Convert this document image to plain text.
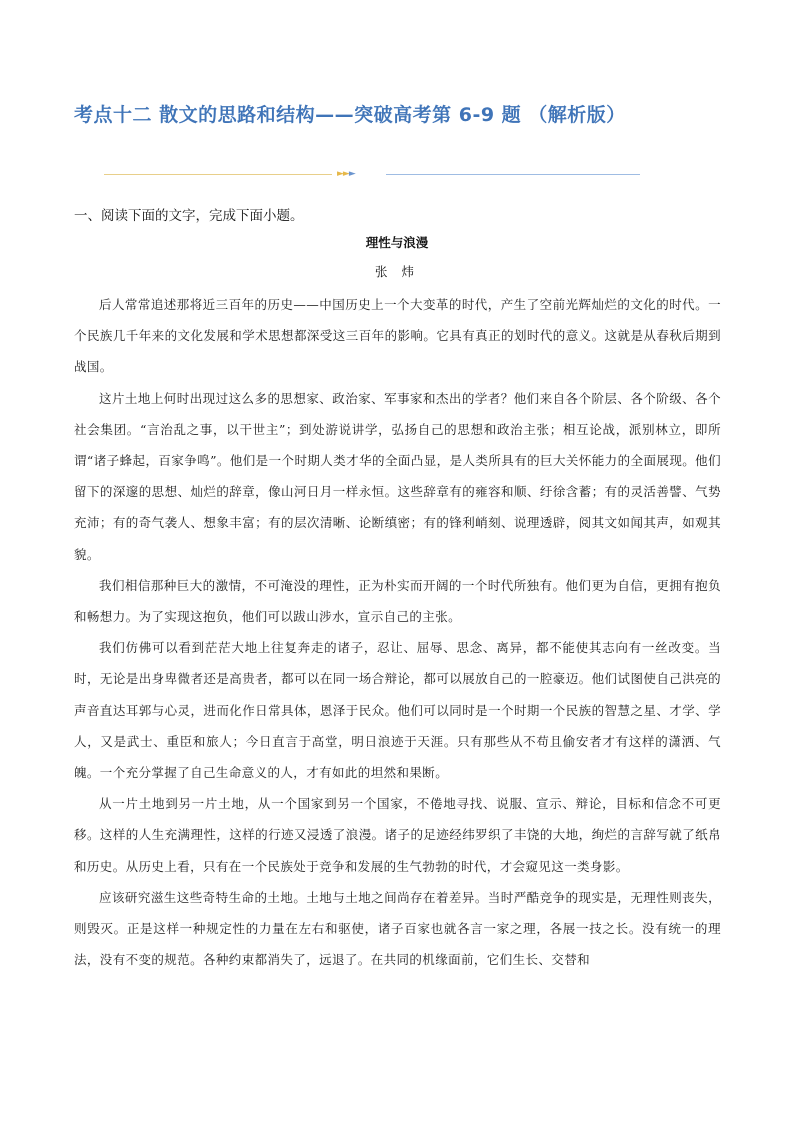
考点十二 散文的思路和结构——突破高考第 6-9 题 （解析版）
►►►
一、阅读下面的文字，完成下面小题。
理性与浪漫
张 炜

后人常常追述那将近三百年的历史——中国历史上一个大变革的时代，产生了空前光辉灿烂的文化的时代。一个民族几千年来的文化发展和学术思想都深受这三百年的影响。它具有真正的划时代的意义。这就是从春秋后期到战国。

这片土地上何时出现过这么多的思想家、政治家、军事家和杰出的学者？他们来自各个阶层、各个阶级、各个社会集团。“言治乱之事，以干世主”；到处游说讲学，弘扬自己的思想和政治主张；相互论战，派别林立，即所谓“诸子蜂起，百家争鸣”。他们是一个时期人类才华的全面凸显，是人类所具有的巨大关怀能力的全面展现。他们留下的深邃的思想、灿烂的辞章，像山河日月一样永恒。这些辞章有的雍容和顺、纡徐含蓄；有的灵活善譬、气势充沛；有的奇气袭人、想象丰富；有的层次清晰、论断缜密；有的锋利峭刻、说理透辟，阅其文如闻其声，如观其貌。

我们相信那种巨大的激情，不可淹没的理性，正为朴实而开阔的一个时代所独有。他们更为自信，更拥有抱负和畅想力。为了实现这抱负，他们可以跋山涉水，宣示自己的主张。

我们仿佛可以看到茫茫大地上往复奔走的诸子，忍让、屈辱、思念、离异，都不能使其志向有一丝改变。当时，无论是出身卑微者还是高贵者，都可以在同一场合辩论，都可以展放自己的一腔豪迈。他们试图使自己洪亮的声音直达耳郭与心灵，进而化作日常具体，恩泽于民众。他们可以同时是一个时期一个民族的智慧之星、才学、学人，又是武士、重臣和旅人；今日直言于高堂，明日浪迹于天涯。只有那些从不苟且偷安者才有这样的潇洒、气魄。一个充分掌握了自己生命意义的人，才有如此的坦然和果断。

从一片土地到另一片土地，从一个国家到另一个国家，不倦地寻找、说服、宣示、辩论，目标和信念不可更移。这样的人生充满理性，这样的行迹又浸透了浪漫。诸子的足迹经纬罗织了丰饶的大地，绚烂的言辞写就了纸帛和历史。从历史上看，只有在一个民族处于竞争和发展的生气勃勃的时代，才会窥见这一类身影。

应该研究滋生这些奇特生命的土地。土地与土地之间尚存在着差异。当时严酷竞争的现实是，无理性则丧失，则毁灭。正是这样一种规定性的力量在左右和驱使，诸子百家也就各言一家之理，各展一技之长。没有统一的理法，没有不变的规范。各种约束都消失了，远退了。在共同的机缘面前，它们生长、交替和
